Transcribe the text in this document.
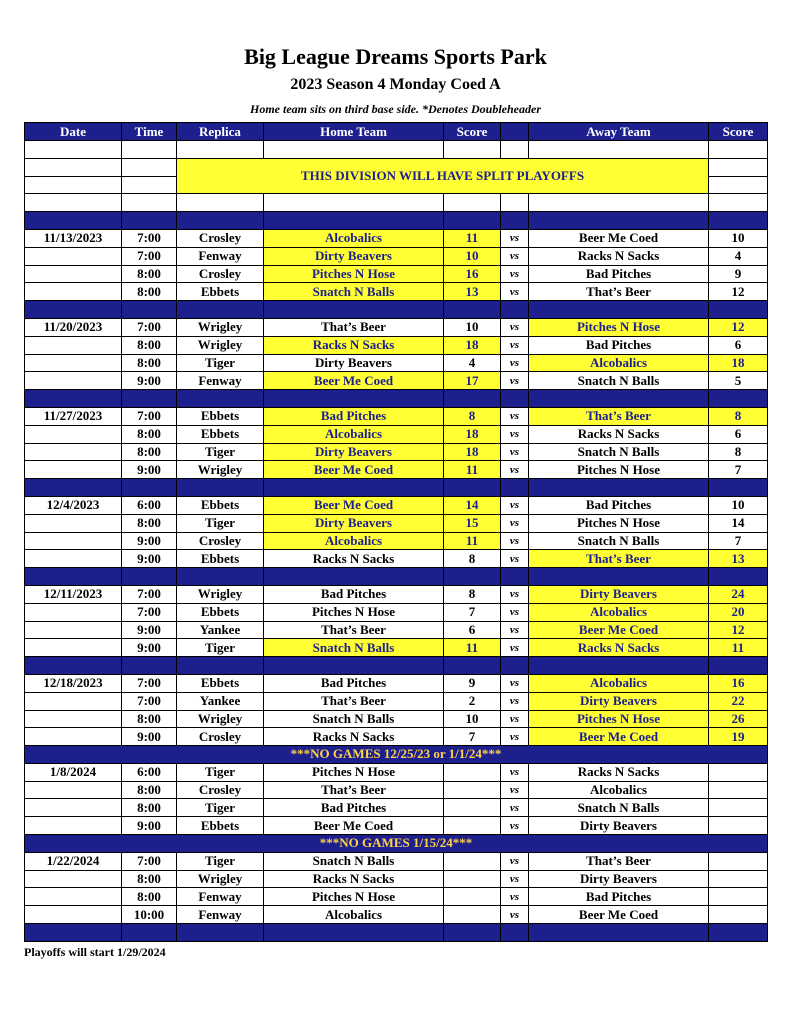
Big League Dreams Sports Park
2023 Season 4 Monday Coed A
Home team sits on third base side. *Denotes Doubleheader
Date	Time	Replica	Home Team	Score		Away Team	Score

		THIS DIVISION WILL HAVE SPLIT PLAYOFFS					

11/13/2023	7:00	Crosley	Alcobalics	11	vs	Beer Me Coed	10
	7:00	Fenway	Dirty Beavers	10	vs	Racks N Sacks	4
	8:00	Crosley	Pitches N Hose	16	vs	Bad Pitches	9
	8:00	Ebbets	Snatch N Balls	13	vs	That’s Beer	12

11/20/2023	7:00	Wrigley	That’s Beer	10	vs	Pitches N Hose	12
	8:00	Wrigley	Racks N Sacks	18	vs	Bad Pitches	6
	8:00	Tiger	Dirty Beavers	4	vs	Alcobalics	18
	9:00	Fenway	Beer Me Coed	17	vs	Snatch N Balls	5

11/27/2023	7:00	Ebbets	Bad Pitches	8	vs	That’s Beer	8
	8:00	Ebbets	Alcobalics	18	vs	Racks N Sacks	6
	8:00	Tiger	Dirty Beavers	18	vs	Snatch N Balls	8
	9:00	Wrigley	Beer Me Coed	11	vs	Pitches N Hose	7

12/4/2023	6:00	Ebbets	Beer Me Coed	14	vs	Bad Pitches	10
	8:00	Tiger	Dirty Beavers	15	vs	Pitches N Hose	14
	9:00	Crosley	Alcobalics	11	vs	Snatch N Balls	7
	9:00	Ebbets	Racks N Sacks	8	vs	That’s Beer	13

12/11/2023	7:00	Wrigley	Bad Pitches	8	vs	Dirty Beavers	24
	7:00	Ebbets	Pitches N Hose	7	vs	Alcobalics	20
	9:00	Yankee	That’s Beer	6	vs	Beer Me Coed	12
	9:00	Tiger	Snatch N Balls	11	vs	Racks N Sacks	11

12/18/2023	7:00	Ebbets	Bad Pitches	9	vs	Alcobalics	16
	7:00	Yankee	That’s Beer	2	vs	Dirty Beavers	22
	8:00	Wrigley	Snatch N Balls	10	vs	Pitches N Hose	26
	9:00	Crosley	Racks N Sacks	7	vs	Beer Me Coed	19
***NO GAMES 12/25/23 or 1/1/24***							
1/8/2024	6:00	Tiger	Pitches N Hose		vs	Racks N Sacks	
	8:00	Crosley	That’s Beer		vs	Alcobalics	
	8:00	Tiger	Bad Pitches		vs	Snatch N Balls	
	9:00	Ebbets	Beer Me Coed		vs	Dirty Beavers	
***NO GAMES 1/15/24***							
1/22/2024	7:00	Tiger	Snatch N Balls		vs	That’s Beer	
	8:00	Wrigley	Racks N Sacks		vs	Dirty Beavers	
	8:00	Fenway	Pitches N Hose		vs	Bad Pitches	
	10:00	Fenway	Alcobalics		vs	Beer Me Coed	

Playoffs will start 1/29/2024
